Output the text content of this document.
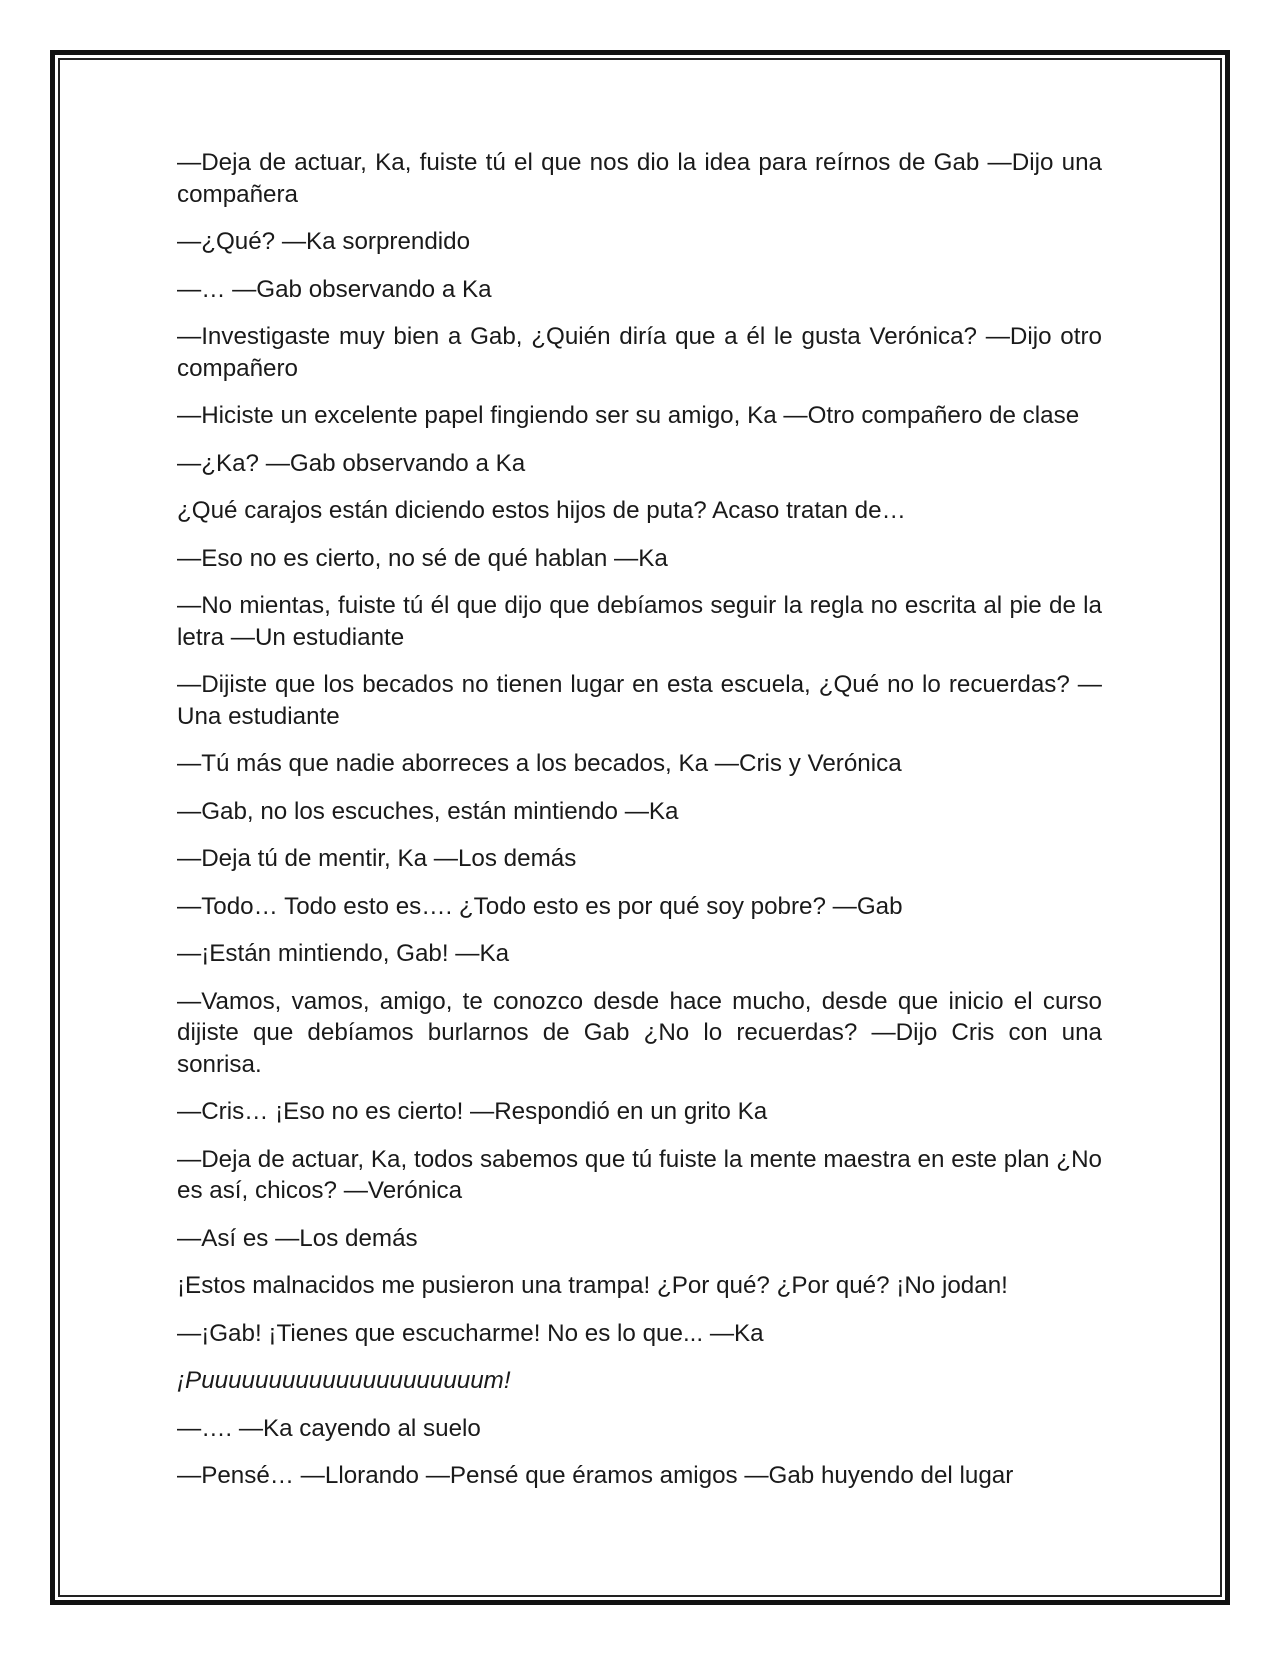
—Deja de actuar, Ka, fuiste tú el que nos dio la idea para reírnos de Gab —Dijo una compañera

—¿Qué? —Ka sorprendido

—… —Gab observando a Ka

—Investigaste muy bien a Gab, ¿Quién diría que a él le gusta Verónica? —Dijo otro compañero

—Hiciste un excelente papel fingiendo ser su amigo, Ka —Otro compañero de clase

—¿Ka? —Gab observando a Ka

¿Qué carajos están diciendo estos hijos de puta? Acaso tratan de…

—Eso no es cierto, no sé de qué hablan —Ka

—No mientas, fuiste tú él que dijo que debíamos seguir la regla no escrita al pie de la letra —Un estudiante

—Dijiste que los becados no tienen lugar en esta escuela, ¿Qué no lo recuerdas? —Una estudiante

—Tú más que nadie aborreces a los becados, Ka —Cris y Verónica

—Gab, no los escuches, están mintiendo —Ka

—Deja tú de mentir, Ka —Los demás

—Todo… Todo esto es…. ¿Todo esto es por qué soy pobre? —Gab

—¡Están mintiendo, Gab! —Ka

—Vamos, vamos, amigo, te conozco desde hace mucho, desde que inicio el curso dijiste que debíamos burlarnos de Gab ¿No lo recuerdas? —Dijo Cris con una sonrisa.

—Cris… ¡Eso no es cierto! —Respondió en un grito Ka

—Deja de actuar, Ka, todos sabemos que tú fuiste la mente maestra en este plan ¿No es así, chicos? —Verónica

—Así es —Los demás

¡Estos malnacidos me pusieron una trampa! ¿Por qué? ¿Por qué? ¡No jodan!

—¡Gab! ¡Tienes que escucharme! No es lo que... —Ka

¡Puuuuuuuuuuuuuuuuuuuuum!

—…. —Ka cayendo al suelo

—Pensé… —Llorando —Pensé que éramos amigos —Gab huyendo del lugar
